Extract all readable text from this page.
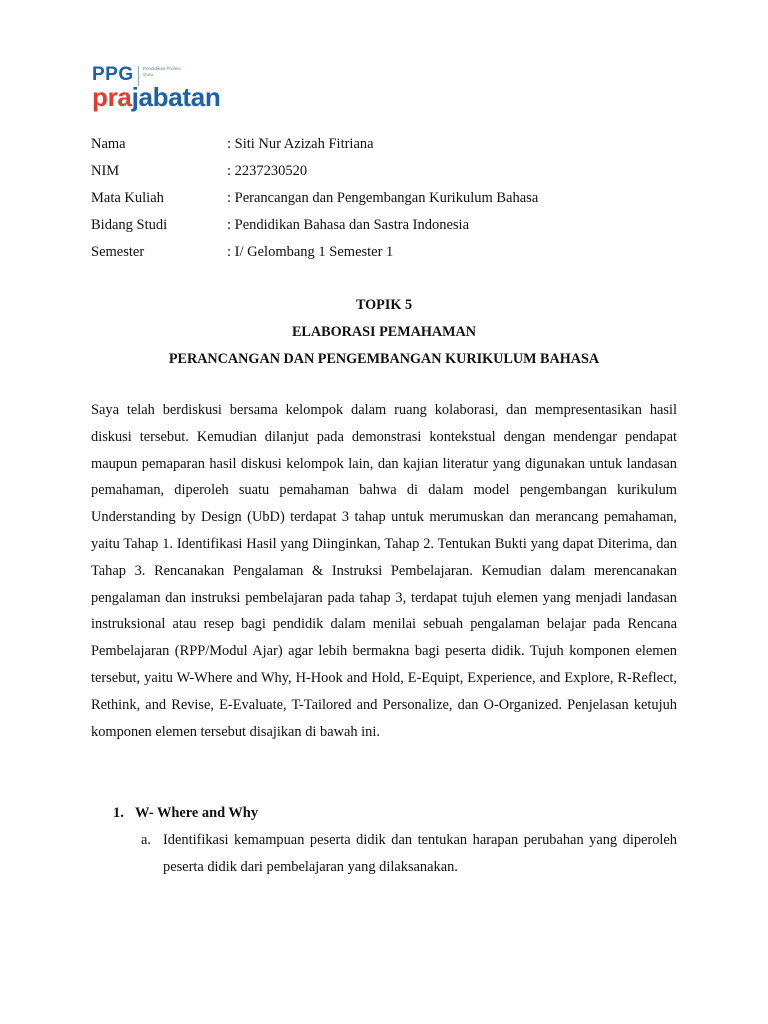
PPG Pendidikan Profesi Guru
prajabatan
Nama	: Siti Nur Azizah Fitriana
NIM	: 2237230520
Mata Kuliah	: Perancangan dan Pengembangan Kurikulum Bahasa
Bidang Studi	: Pendidikan Bahasa dan Sastra Indonesia
Semester	: I/ Gelombang 1 Semester 1
TOPIK 5
ELABORASI PEMAHAMAN
PERANCANGAN DAN PENGEMBANGAN KURIKULUM BAHASA
Saya telah berdiskusi bersama kelompok dalam ruang kolaborasi, dan mempresentasikan hasil diskusi tersebut. Kemudian dilanjut pada demonstrasi kontekstual dengan mendengar pendapat maupun pemaparan hasil diskusi kelompok lain, dan kajian literatur yang digunakan untuk landasan pemahaman, diperoleh suatu pemahaman bahwa di dalam model pengembangan kurikulum Understanding by Design (UbD) terdapat 3 tahap untuk merumuskan dan merancang pemahaman, yaitu Tahap 1. Identifikasi Hasil yang Diinginkan, Tahap 2. Tentukan Bukti yang dapat Diterima, dan Tahap 3. Rencanakan Pengalaman & Instruksi Pembelajaran. Kemudian dalam merencanakan pengalaman dan instruksi pembelajaran pada tahap 3, terdapat tujuh elemen yang menjadi landasan instruksional atau resep bagi pendidik dalam menilai sebuah pengalaman belajar pada Rencana Pembelajaran (RPP/Modul Ajar) agar lebih bermakna bagi peserta didik. Tujuh komponen elemen tersebut, yaitu W-Where and Why, H-Hook and Hold, E-Equipt, Experience, and Explore, R-Reflect, Rethink, and Revise, E-Evaluate, T-Tailored and Personalize, dan O-Organized. Penjelasan ketujuh komponen elemen tersebut disajikan di bawah ini.
1. W- Where and Why
a. Identifikasi kemampuan peserta didik dan tentukan harapan perubahan yang diperoleh peserta didik dari pembelajaran yang dilaksanakan.
